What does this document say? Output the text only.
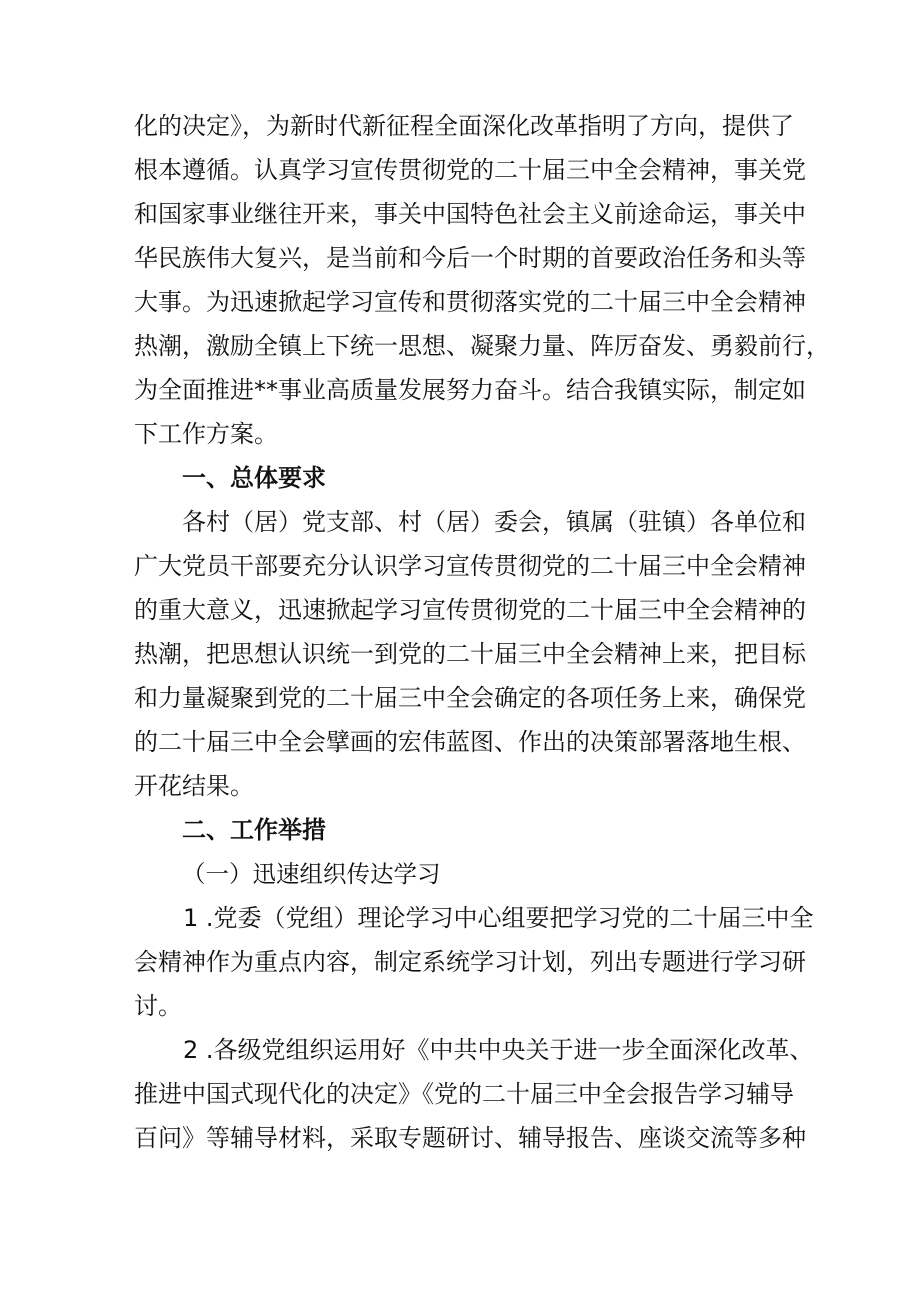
化的决定》，为新时代新征程全面深化改革指明了方向，提供了
根本遵循。认真学习宣传贯彻党的二十届三中全会精神，事关党
和国家事业继往开来，事关中国特色社会主义前途命运，事关中
华民族伟大复兴，是当前和今后一个时期的首要政治任务和头等
大事。为迅速掀起学习宣传和贯彻落实党的二十届三中全会精神
热潮，激励全镇上下统一思想、凝聚力量、阵厉奋发、勇毅前行，
为全面推进**事业高质量发展努力奋斗。结合我镇实际，制定如
下工作方案。
一、总体要求
各村（居）党支部、村（居）委会，镇属（驻镇）各单位和
广大党员干部要充分认识学习宣传贯彻党的二十届三中全会精神
的重大意义，迅速掀起学习宣传贯彻党的二十届三中全会精神的
热潮，把思想认识统一到党的二十届三中全会精神上来，把目标
和力量凝聚到党的二十届三中全会确定的各项任务上来，确保党
的二十届三中全会擘画的宏伟蓝图、作出的决策部署落地生根、
开花结果。
二、工作举措
（一）迅速组织传达学习
1 .党委（党组）理论学习中心组要把学习党的二十届三中全
会精神作为重点内容，制定系统学习计划，列出专题进行学习研
讨。
2 .各级党组织运用好《中共中央关于进一步全面深化改革、
推进中国式现代化的决定》《党的二十届三中全会报告学习辅导
百问》等辅导材料，采取专题研讨、辅导报告、座谈交流等多种
